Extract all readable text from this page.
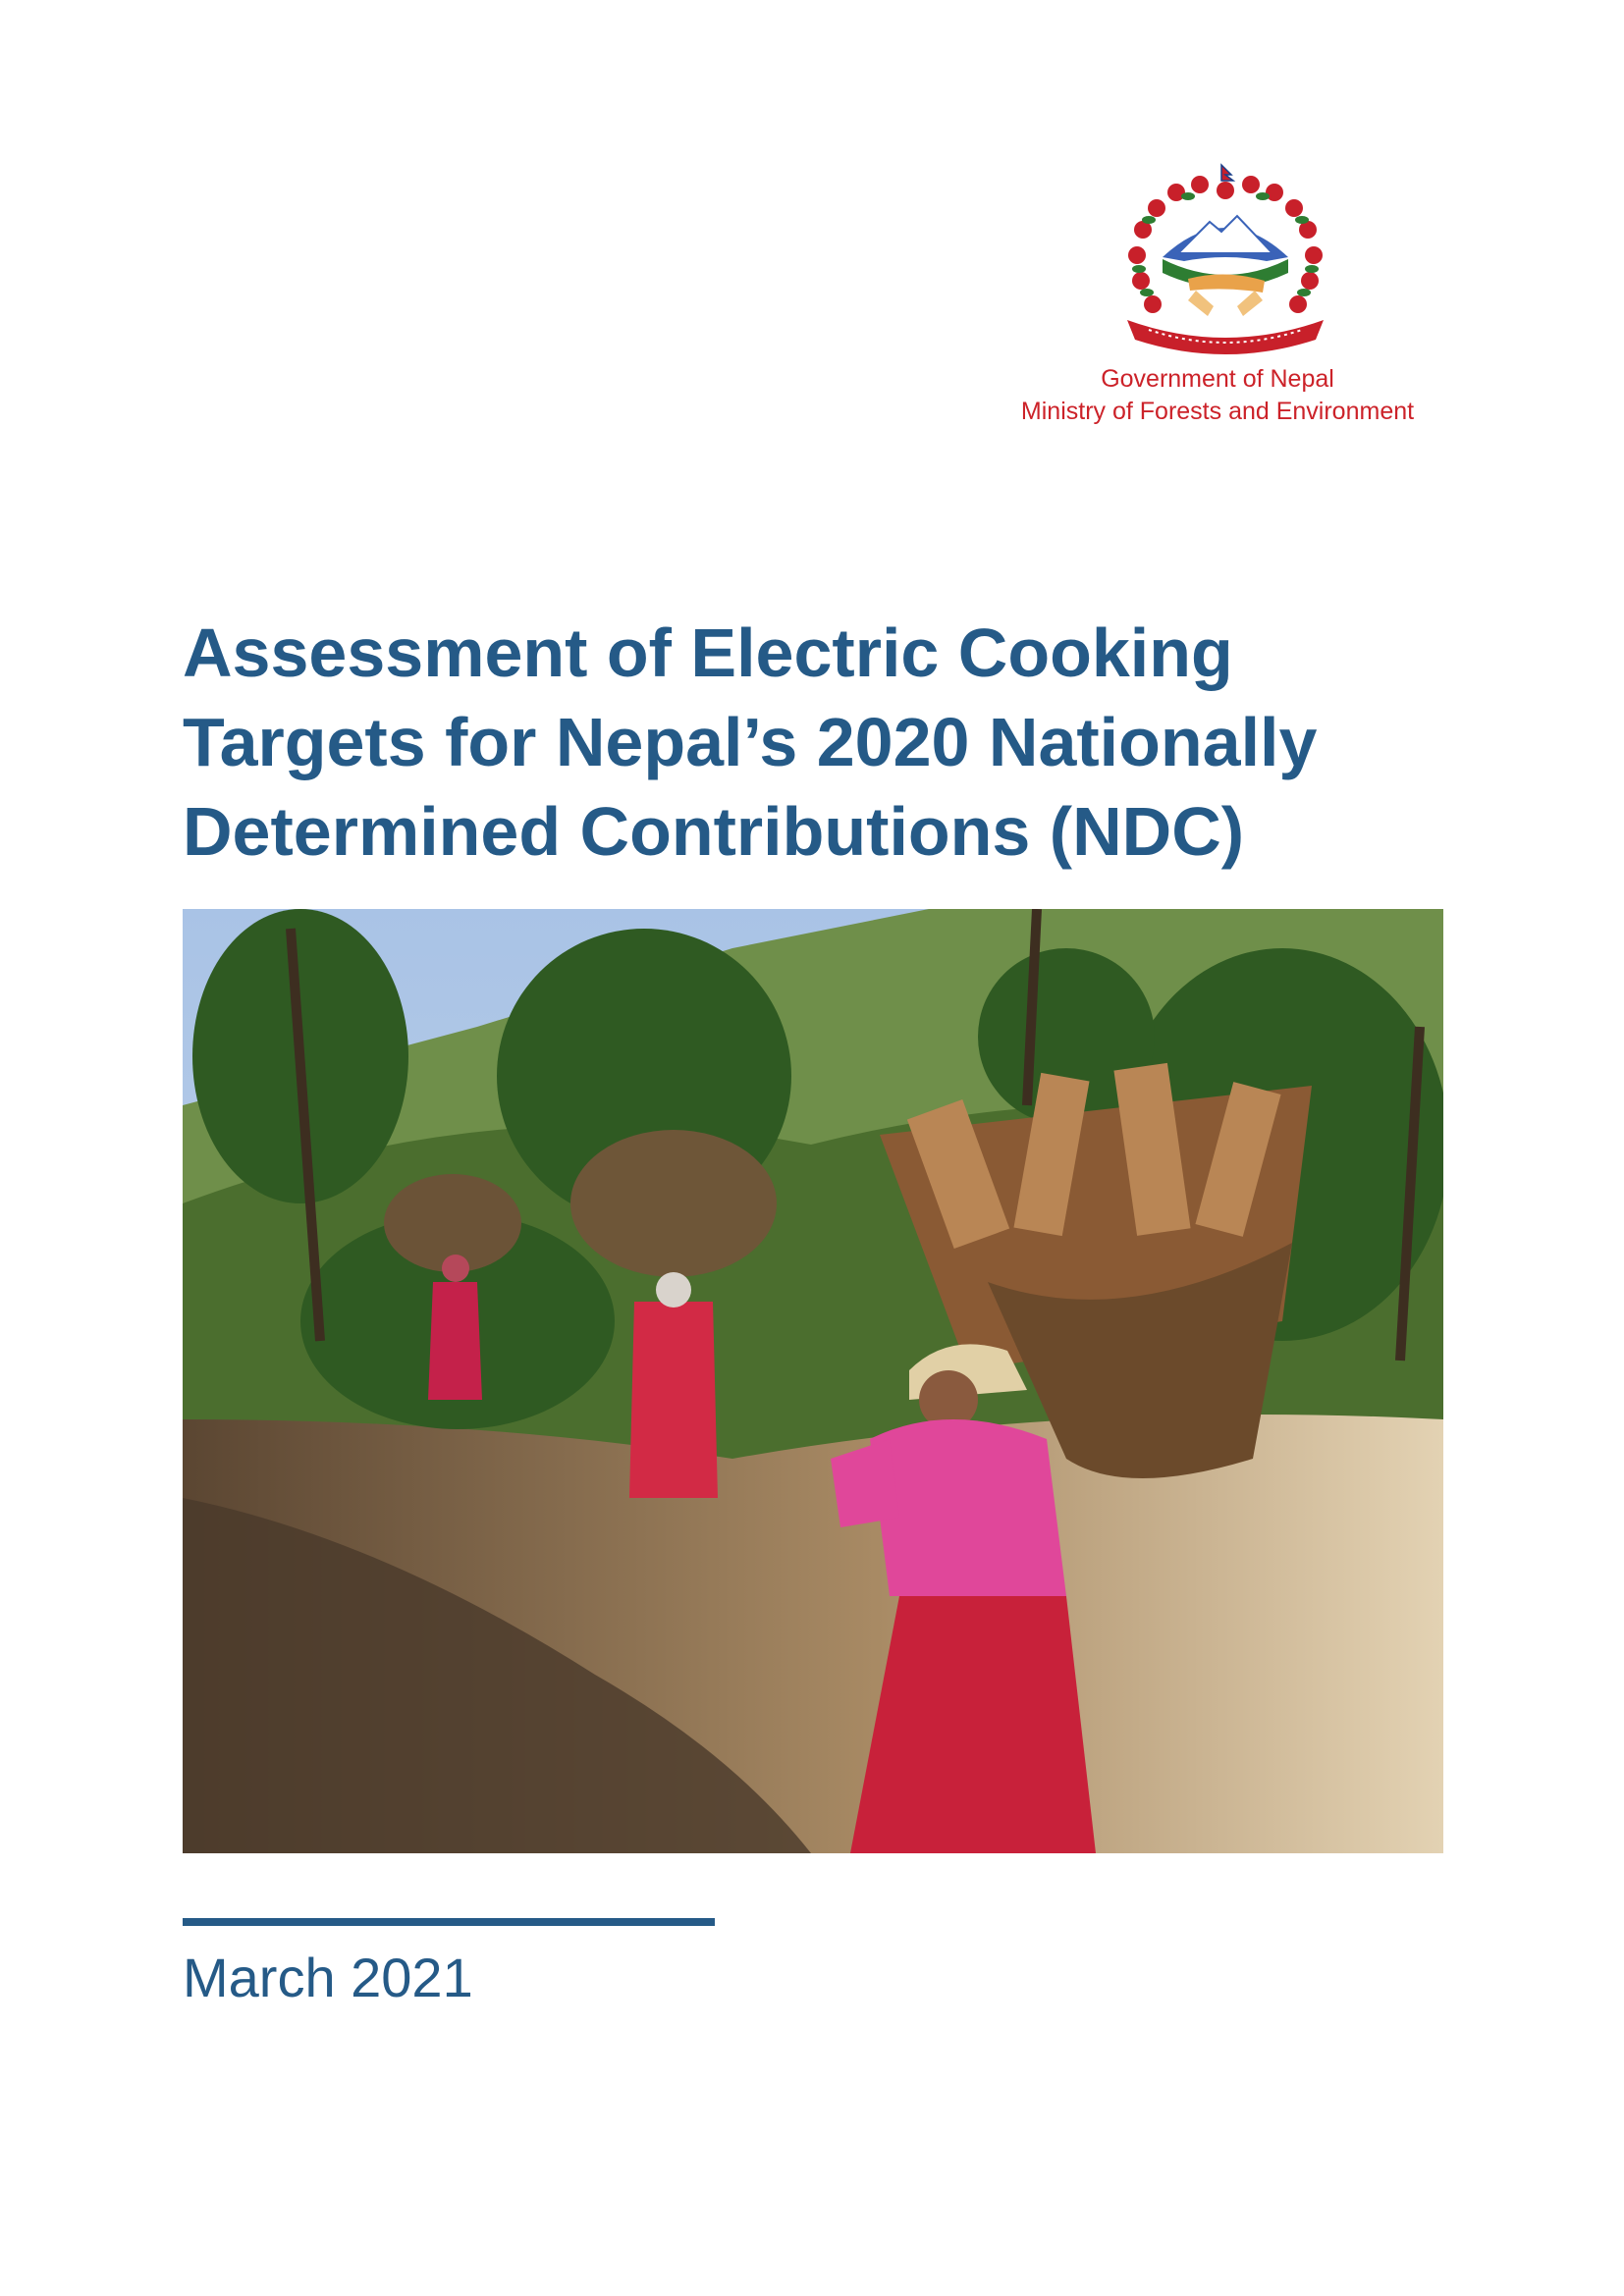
Government of Nepal
Ministry of Forests and Environment
Assessment of Electric Cooking
Targets for Nepal’s 2020 Nationally
Determined Contributions (NDC)
March 2021
